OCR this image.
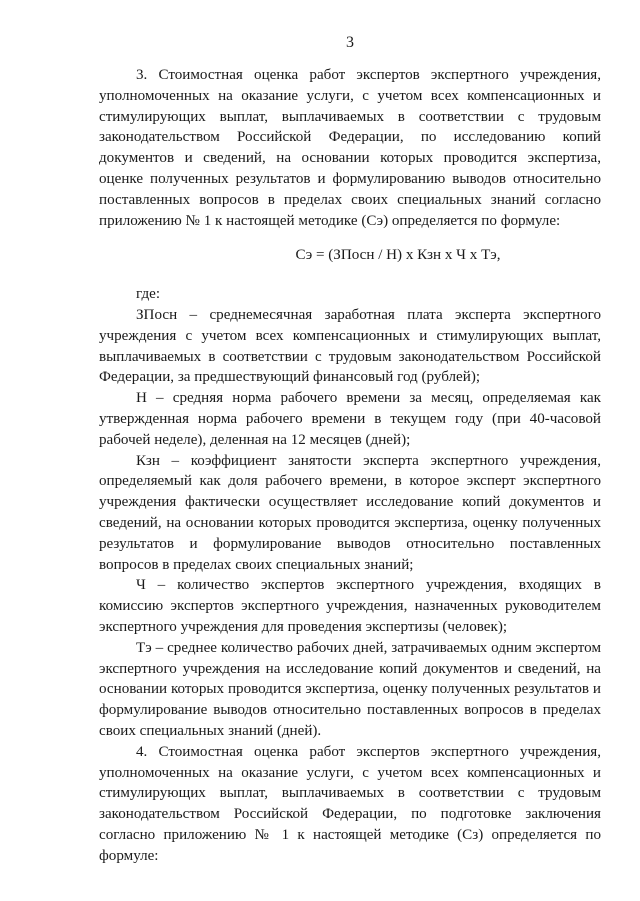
3

3. Стоимостная оценка работ экспертов экспертного учреждения, уполномоченных на оказание услуги, с учетом всех компенсационных и стимулирующих выплат, выплачиваемых в соответствии с трудовым законодательством Российской Федерации, по исследованию копий документов и сведений, на основании которых проводится экспертиза, оценке полученных результатов и формулированию выводов относительно поставленных вопросов в пределах своих специальных знаний согласно приложению № 1 к настоящей методике (Сэ) определяется по формуле:

Сэ = (ЗПосн / Н) х Кзн х Ч х Тэ,

где:

ЗПосн – среднемесячная заработная плата эксперта экспертного учреждения с учетом всех компенсационных и стимулирующих выплат, выплачиваемых в соответствии с трудовым законодательством Российской Федерации, за предшествующий финансовый год (рублей);

Н – средняя норма рабочего времени за месяц, определяемая как утвержденная норма рабочего времени в текущем году (при 40-часовой рабочей неделе), деленная на 12 месяцев (дней);

Кзн – коэффициент занятости эксперта экспертного учреждения, определяемый как доля рабочего времени, в которое эксперт экспертного учреждения фактически осуществляет исследование копий документов и сведений, на основании которых проводится экспертиза, оценку полученных результатов и формулирование выводов относительно поставленных вопросов в пределах своих специальных знаний;

Ч – количество экспертов экспертного учреждения, входящих в комиссию экспертов экспертного учреждения, назначенных руководителем экспертного учреждения для проведения экспертизы (человек);

Тэ – среднее количество рабочих дней, затрачиваемых одним экспертом экспертного учреждения на исследование копий документов и сведений, на основании которых проводится экспертиза, оценку полученных результатов и формулирование выводов относительно поставленных вопросов в пределах своих специальных знаний (дней).

4. Стоимостная оценка работ экспертов экспертного учреждения, уполномоченных на оказание услуги, с учетом всех компенсационных и стимулирующих выплат, выплачиваемых в соответствии с трудовым законодательством Российской Федерации, по подготовке заключения согласно приложению № 1 к настоящей методике (Сз) определяется по формуле:
